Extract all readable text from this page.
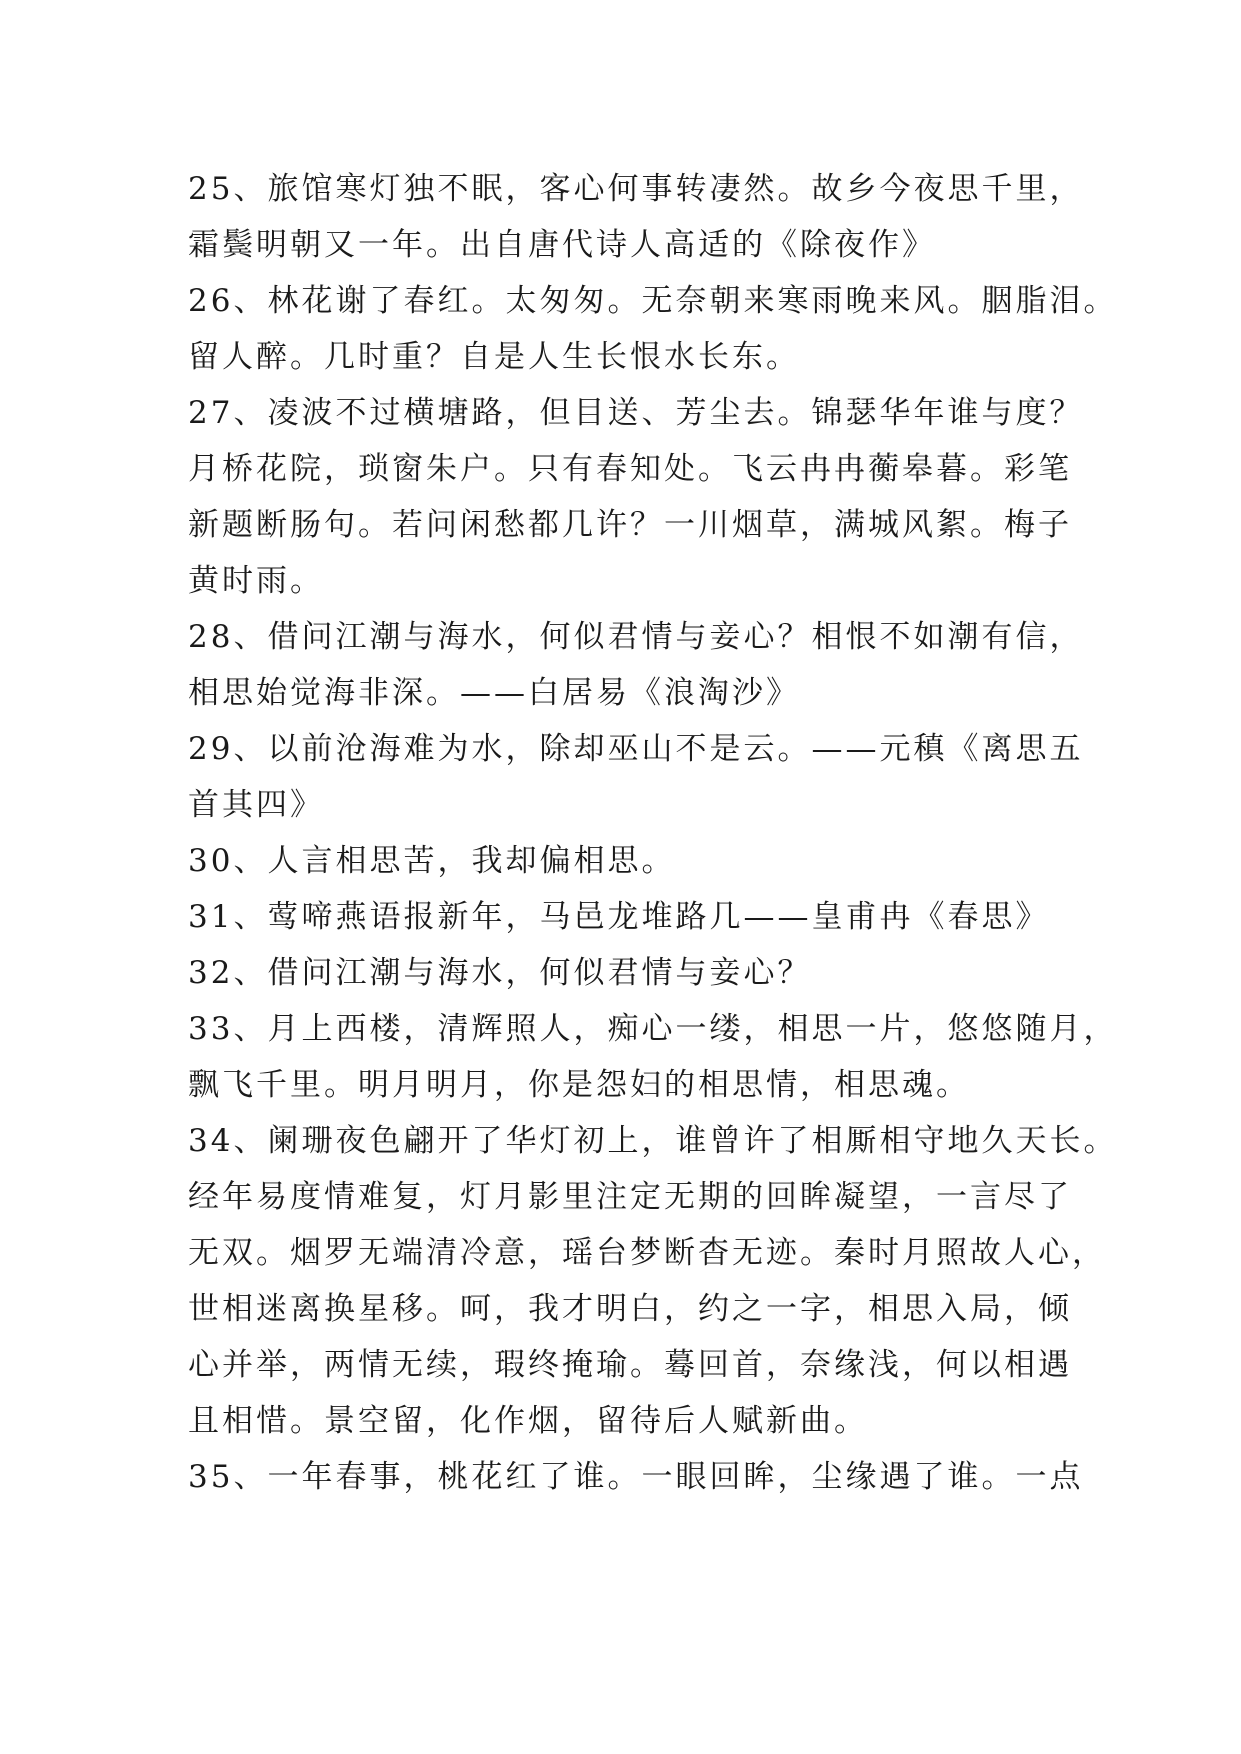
25、旅馆寒灯独不眠，客心何事转凄然。故乡今夜思千里，
霜鬓明朝又一年。出自唐代诗人高适的《除夜作》
26、林花谢了春红。太匆匆。无奈朝来寒雨晚来风。胭脂泪。
留人醉。几时重？自是人生长恨水长东。
27、凌波不过横塘路，但目送、芳尘去。锦瑟华年谁与度？
月桥花院，琐窗朱户。只有春知处。飞云冉冉蘅皋暮。彩笔
新题断肠句。若问闲愁都几许？一川烟草，满城风絮。梅子
黄时雨。
28、借问江潮与海水，何似君情与妾心？相恨不如潮有信，
相思始觉海非深。——白居易《浪淘沙》
29、以前沧海难为水，除却巫山不是云。——元稹《离思五
首其四》
30、人言相思苦，我却偏相思。
31、莺啼燕语报新年，马邑龙堆路几——皇甫冉《春思》
32、借问江潮与海水，何似君情与妾心？
33、月上西楼，清辉照人，痴心一缕，相思一片，悠悠随月，
飘飞千里。明月明月，你是怨妇的相思情，相思魂。
34、阑珊夜色翩开了华灯初上，谁曾许了相厮相守地久天长。
经年易度情难复，灯月影里注定无期的回眸凝望，一言尽了
无双。烟罗无端清冷意，瑶台梦断杳无迹。秦时月照故人心，
世相迷离换星移。呵，我才明白，约之一字，相思入局，倾
心并举，两情无续，瑕终掩瑜。蓦回首，奈缘浅，何以相遇
且相惜。景空留，化作烟，留待后人赋新曲。
35、一年春事，桃花红了谁。一眼回眸，尘缘遇了谁。一点
